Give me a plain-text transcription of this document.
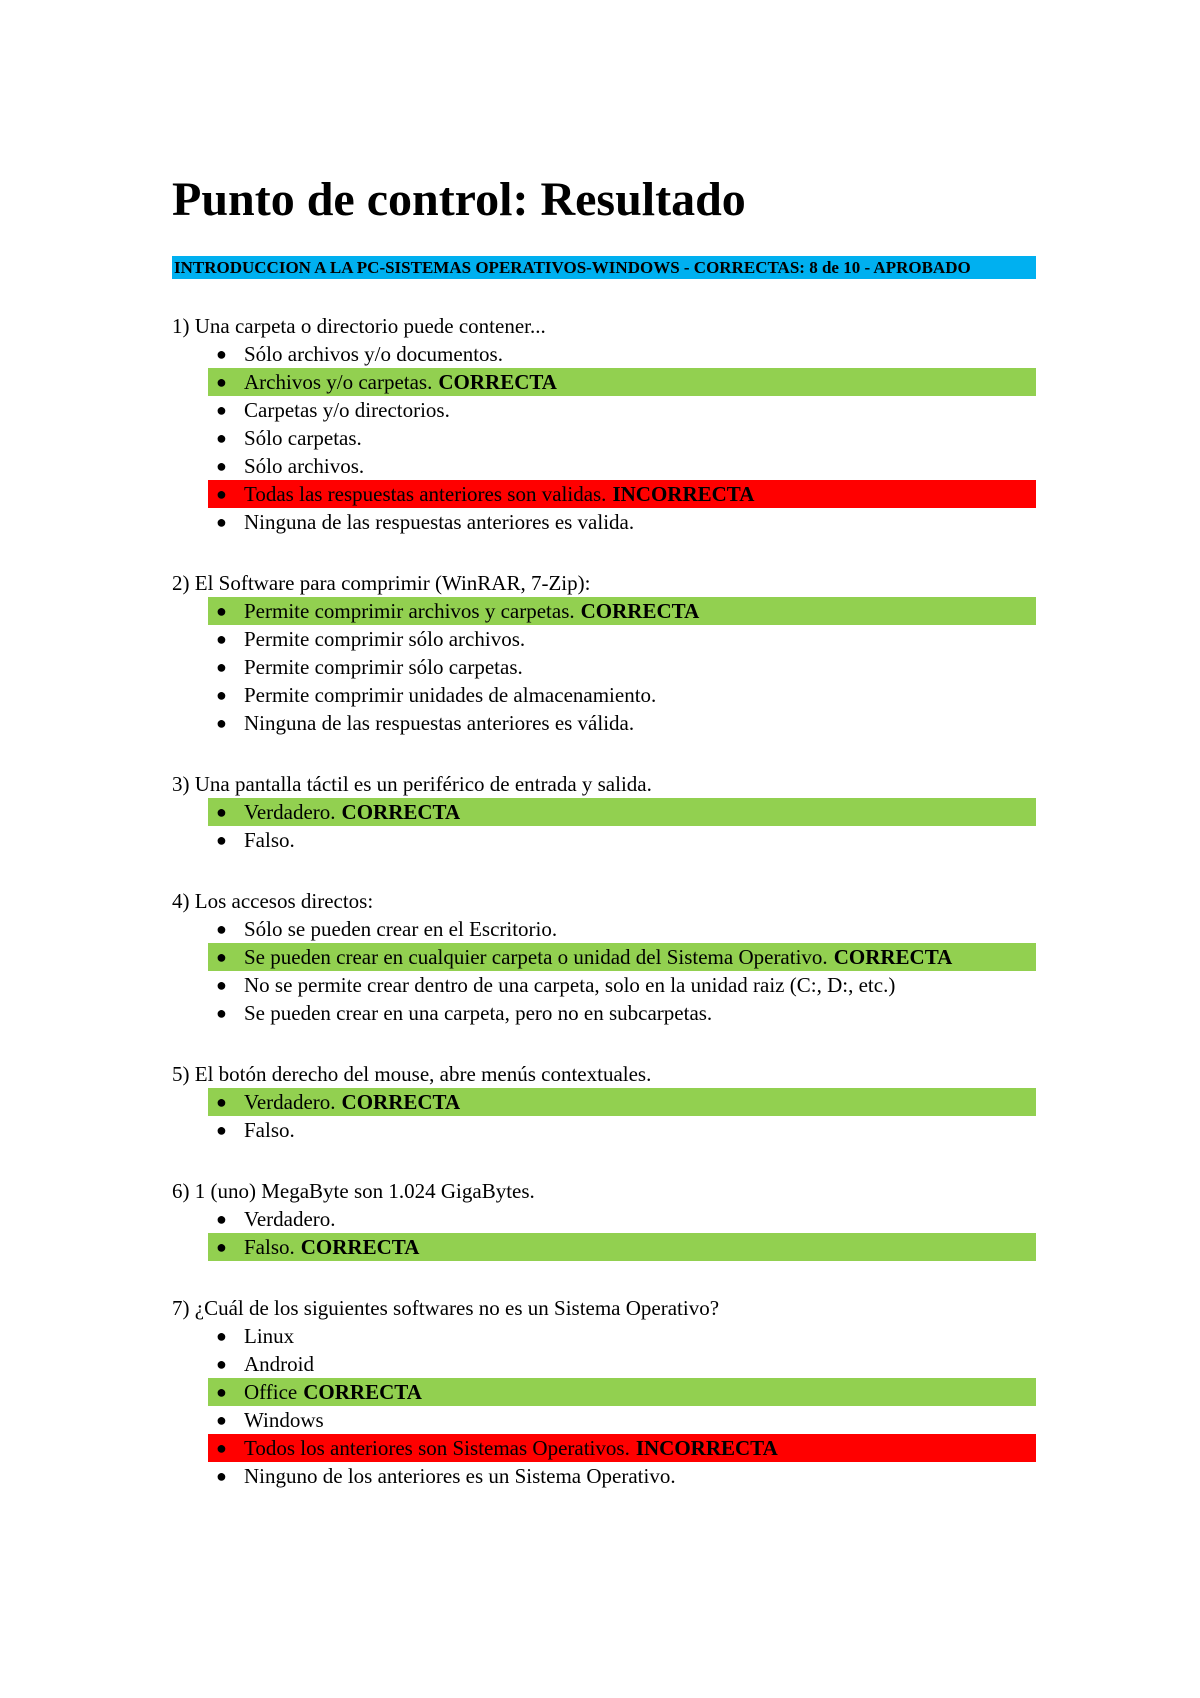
Punto de control: Resultado
INTRODUCCION A LA PC-SISTEMAS OPERATIVOS-WINDOWS - CORRECTAS: 8 de 10 - APROBADO
1) Una carpeta o directorio puede contener...
● Sólo archivos y/o documentos.
● Archivos y/o carpetas. CORRECTA
● Carpetas y/o directorios.
● Sólo carpetas.
● Sólo archivos.
● Todas las respuestas anteriores son validas. INCORRECTA
● Ninguna de las respuestas anteriores es valida.
2) El Software para comprimir (WinRAR, 7-Zip):
● Permite comprimir archivos y carpetas. CORRECTA
● Permite comprimir sólo archivos.
● Permite comprimir sólo carpetas.
● Permite comprimir unidades de almacenamiento.
● Ninguna de las respuestas anteriores es válida.
3) Una pantalla táctil es un periférico de entrada y salida.
● Verdadero. CORRECTA
● Falso.
4) Los accesos directos:
● Sólo se pueden crear en el Escritorio.
● Se pueden crear en cualquier carpeta o unidad del Sistema Operativo. CORRECTA
● No se permite crear dentro de una carpeta, solo en la unidad raiz (C:, D:, etc.)
● Se pueden crear en una carpeta, pero no en subcarpetas.
5) El botón derecho del mouse, abre menús contextuales.
● Verdadero. CORRECTA
● Falso.
6) 1 (uno) MegaByte son 1.024 GigaBytes.
● Verdadero.
● Falso. CORRECTA
7) ¿Cuál de los siguientes softwares no es un Sistema Operativo?
● Linux
● Android
● Office CORRECTA
● Windows
● Todos los anteriores son Sistemas Operativos. INCORRECTA
● Ninguno de los anteriores es un Sistema Operativo.
